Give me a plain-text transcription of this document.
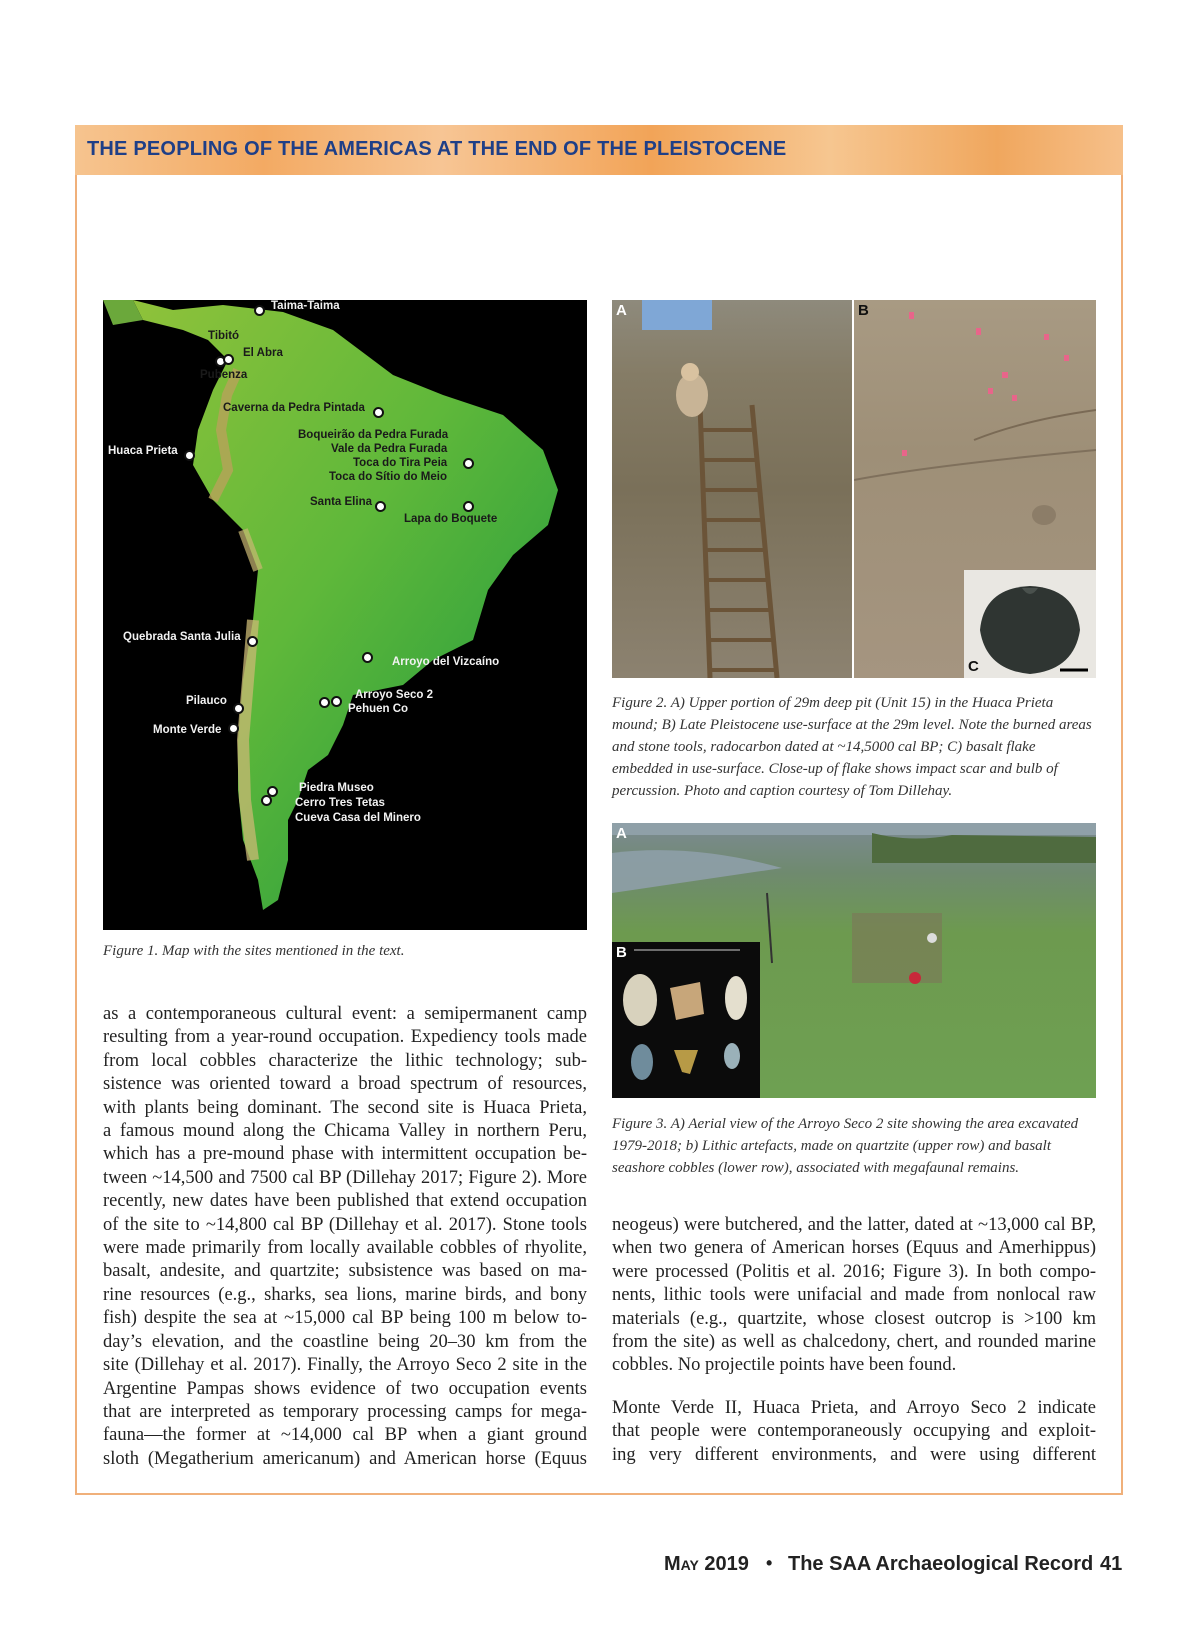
THE PEOPLING OF THE AMERICAS AT THE END OF THE PLEISTOCENE
Taima-Taima
Tibitó
El Abra
Pubenza
Caverna da Pedra Pintada
Huaca Prieta
Boqueirão da Pedra Furada
Vale da Pedra Furada
Toca do Tira Peia
Toca do Sítio do Meio
Santa Elina
Lapa do Boquete
Quebrada Santa Julia
Arroyo del Vizcaíno
Arroyo Seco 2
Pehuen Co
Pilauco
Monte Verde
Piedra Museo
Cerro Tres Tetas
Cueva Casa del Minero
Figure 1. Map with the sites mentioned in the text.
A	B
C
Figure 2. A) Upper portion of 29m deep pit (Unit 15) in the Huaca Prieta mound; B) Late Pleistocene use-surface at the 29m level. Note the burned areas and stone tools, radocarbon dated at ~14,5000 cal BP; C) basalt flake embedded in use-surface. Close-up of flake shows impact scar and bulb of percussion. Photo and caption courtesy of Tom Dillehay.
A
B
Figure 3. A) Aerial view of the Arroyo Seco 2 site showing the area excavated 1979-2018; b) Lithic artefacts, made on quartzite (upper row) and basalt seashore cobbles (lower row), associated with megafaunal remains.
as a contemporaneous cultural event: a semipermanent camp
resulting from a year-round occupation. Expediency tools made
from local cobbles characterize the lithic technology; sub-
sistence was oriented toward a broad spectrum of resources,
with plants being dominant. The second site is Huaca Prieta,
a famous mound along the Chicama Valley in northern Peru,
which has a pre-mound phase with intermittent occupation be-
tween ~14,500 and 7500 cal BP (Dillehay 2017; Figure 2). More
recently, new dates have been published that extend occupation
of the site to ~14,800 cal BP (Dillehay et al. 2017). Stone tools
were made primarily from locally available cobbles of rhyolite,
basalt, andesite, and quartzite; subsistence was based on ma-
rine resources (e.g., sharks, sea lions, marine birds, and bony
fish) despite the sea at ~15,000 cal BP being 100 m below to-
day’s elevation, and the coastline being 20–30 km from the
site (Dillehay et al. 2017). Finally, the Arroyo Seco 2 site in the
Argentine Pampas shows evidence of two occupation events
that are interpreted as temporary processing camps for mega-
fauna—the former at ~14,000 cal BP when a giant ground
sloth (Megatherium americanum) and American horse (Equus
neogeus) were butchered, and the latter, dated at ~13,000 cal BP,
when two genera of American horses (Equus and Amerhippus)
were processed (Politis et al. 2016; Figure 3). In both compo-
nents, lithic tools were unifacial and made from nonlocal raw
materials (e.g., quartzite, whose closest outcrop is >100 km
from the site) as well as chalcedony, chert, and rounded marine
cobbles. No projectile points have been found.
Monte Verde II, Huaca Prieta, and Arroyo Seco 2 indicate
that people were contemporaneously occupying and exploit-
ing very different environments, and were using different
May 2019 • The SAA Archaeological Record 41
